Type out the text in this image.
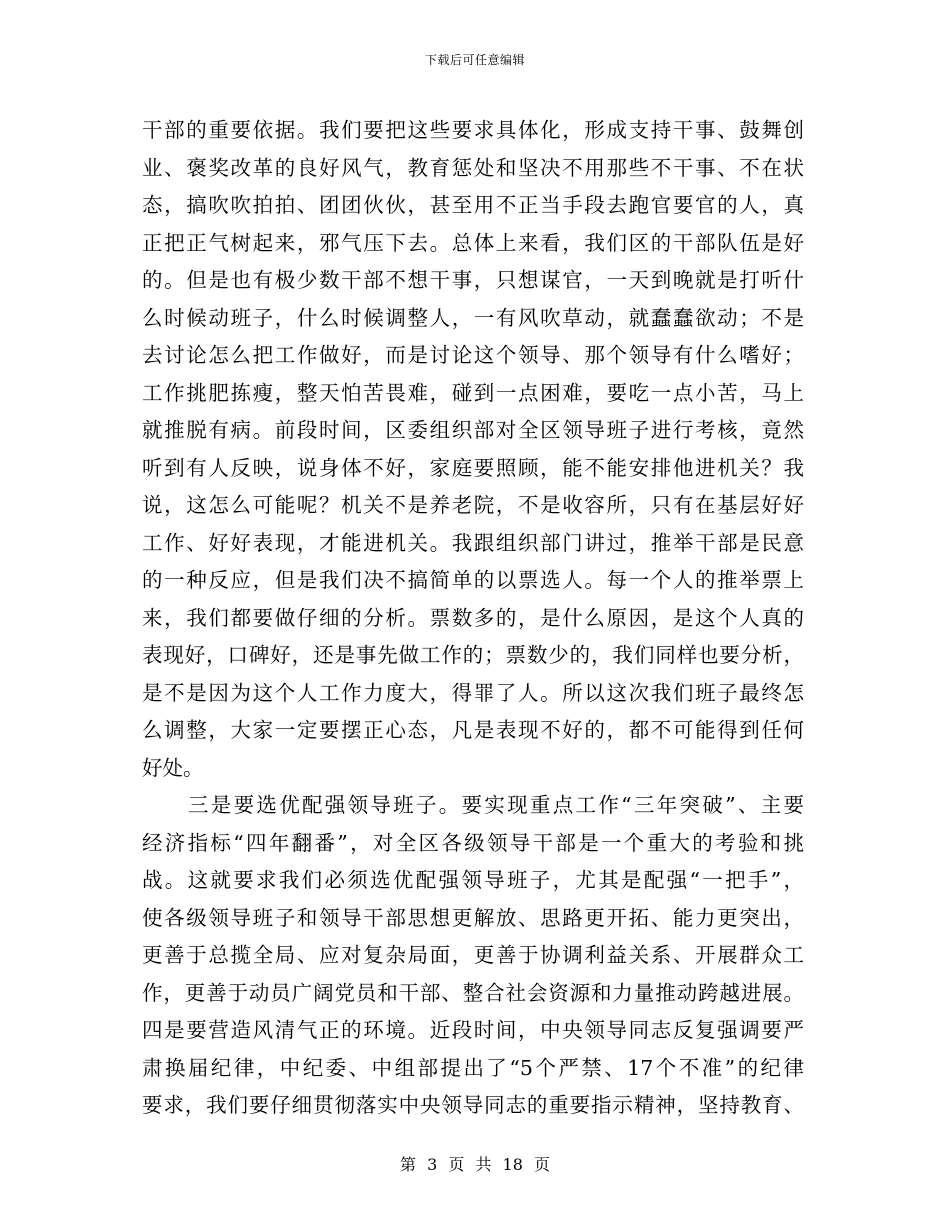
下载后可任意编辑
干部的重要依据。我们要把这些要求具体化，形成支持干事、鼓舞创
业、褒奖改革的良好风气，教育惩处和坚决不用那些不干事、不在状
态，搞吹吹拍拍、团团伙伙，甚至用不正当手段去跑官要官的人，真
正把正气树起来，邪气压下去。总体上来看，我们区的干部队伍是好
的。但是也有极少数干部不想干事，只想谋官，一天到晚就是打听什
么时候动班子，什么时候调整人，一有风吹草动，就蠢蠢欲动；不是
去讨论怎么把工作做好，而是讨论这个领导、那个领导有什么嗜好；
工作挑肥拣瘦，整天怕苦畏难，碰到一点困难，要吃一点小苦，马上
就推脱有病。前段时间，区委组织部对全区领导班子进行考核，竟然
听到有人反映，说身体不好，家庭要照顾，能不能安排他进机关？我
说，这怎么可能呢？机关不是养老院，不是收容所，只有在基层好好
工作、好好表现，才能进机关。我跟组织部门讲过，推举干部是民意
的一种反应，但是我们决不搞简单的以票选人。每一个人的推举票上
来，我们都要做仔细的分析。票数多的，是什么原因，是这个人真的
表现好，口碑好，还是事先做工作的；票数少的，我们同样也要分析，
是不是因为这个人工作力度大，得罪了人。所以这次我们班子最终怎
么调整，大家一定要摆正心态，凡是表现不好的，都不可能得到任何
好处。
三是要选优配强领导班子。要实现重点工作“三年突破”、主要
经济指标“四年翻番”，对全区各级领导干部是一个重大的考验和挑
战。这就要求我们必须选优配强领导班子，尤其是配强“一把手”，
使各级领导班子和领导干部思想更解放、思路更开拓、能力更突出，
更善于总揽全局、应对复杂局面，更善于协调利益关系、开展群众工
作，更善于动员广阔党员和干部、整合社会资源和力量推动跨越进展。
四是要营造风清气正的环境。近段时间，中央领导同志反复强调要严
肃换届纪律，中纪委、中组部提出了“5个严禁、17个不准”的纪律
要求，我们要仔细贯彻落实中央领导同志的重要指示精神，坚持教育、
第 3 页 共 18 页
